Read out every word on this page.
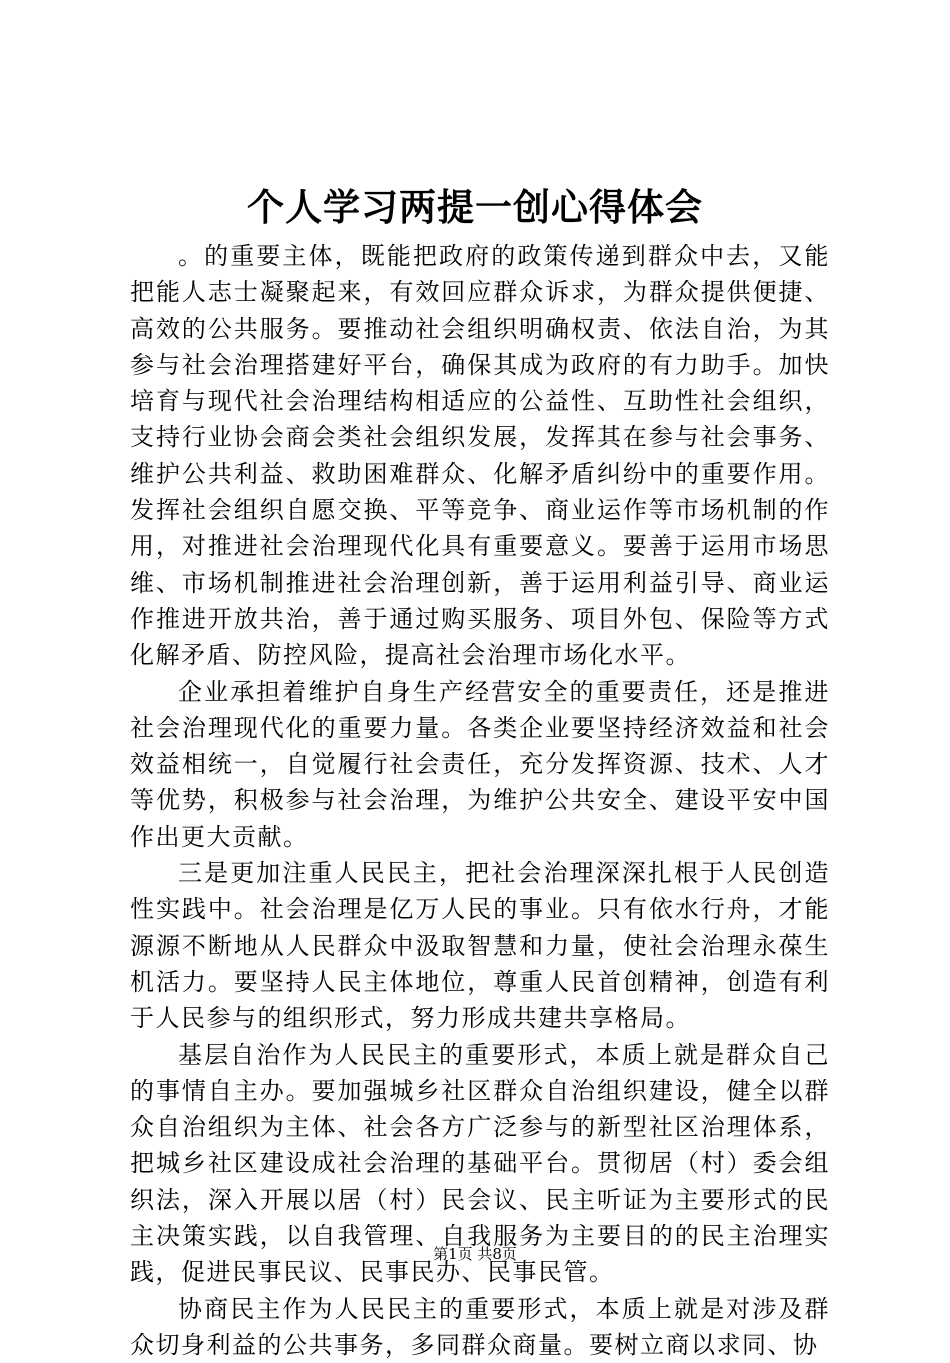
个人学习两提一创心得体会

。的重要主体，既能把政府的政策传递到群众中去，又能把能人志士凝聚起来，有效回应群众诉求，为群众提供便捷、高效的公共服务。要推动社会组织明确权责、依法自治，为其参与社会治理搭建好平台，确保其成为政府的有力助手。加快培育与现代社会治理结构相适应的公益性、互助性社会组织，支持行业协会商会类社会组织发展，发挥其在参与社会事务、维护公共利益、救助困难群众、化解矛盾纠纷中的重要作用。发挥社会组织自愿交换、平等竞争、商业运作等市场机制的作用，对推进社会治理现代化具有重要意义。要善于运用市场思维、市场机制推进社会治理创新，善于运用利益引导、商业运作推进开放共治，善于通过购买服务、项目外包、保险等方式化解矛盾、防控风险，提高社会治理市场化水平。

企业承担着维护自身生产经营安全的重要责任，还是推进社会治理现代化的重要力量。各类企业要坚持经济效益和社会效益相统一，自觉履行社会责任，充分发挥资源、技术、人才等优势，积极参与社会治理，为维护公共安全、建设平安中国作出更大贡献。

三是更加注重人民民主，把社会治理深深扎根于人民创造性实践中。社会治理是亿万人民的事业。只有依水行舟，才能源源不断地从人民群众中汲取智慧和力量，使社会治理永葆生机活力。要坚持人民主体地位，尊重人民首创精神，创造有利于人民参与的组织形式，努力形成共建共享格局。

基层自治作为人民民主的重要形式，本质上就是群众自己的事情自主办。要加强城乡社区群众自治组织建设，健全以群众自治组织为主体、社会各方广泛参与的新型社区治理体系，把城乡社区建设成社会治理的基础平台。贯彻居（村）委会组织法，深入开展以居（村）民会议、民主听证为主要形式的民主决策实践，以自我管理、自我服务为主要目的的民主治理实践，促进民事民议、民事民办、民事民管。

协商民主作为人民民主的重要形式，本质上就是对涉及群众切身利益的公共事务，多同群众商量。要树立商以求同、协

第1页 共8页
